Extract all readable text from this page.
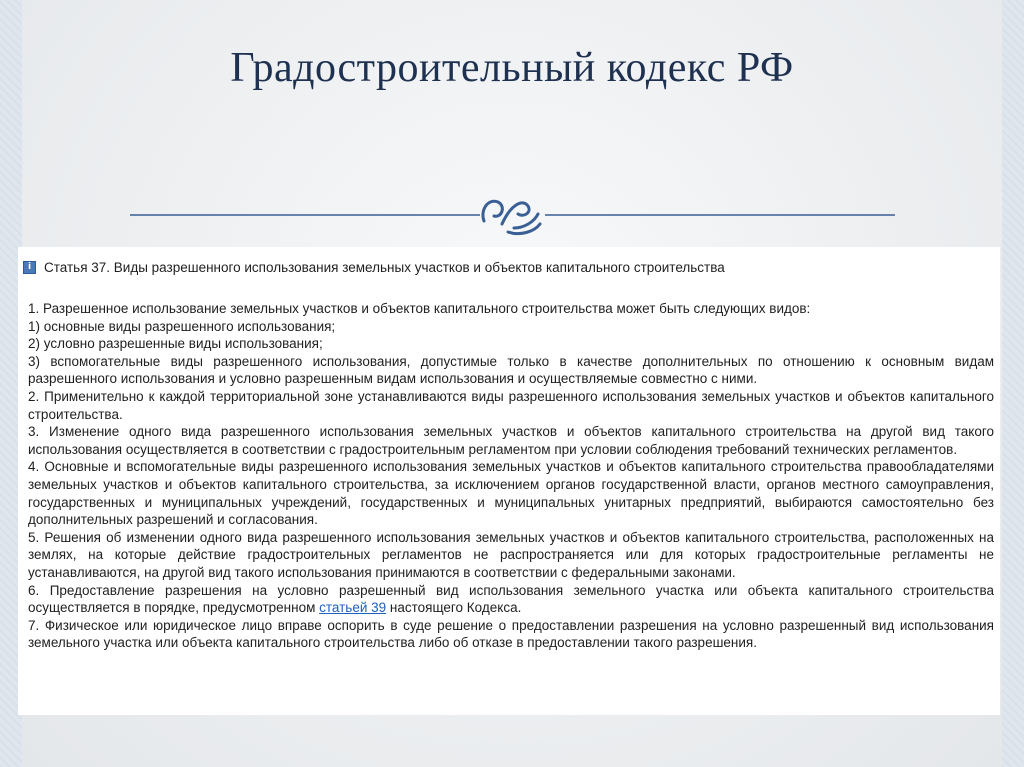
Градостроительный кодекс РФ
i Статья 37. Виды разрешенного использования земельных участков и объектов капитального строительства

1. Разрешенное использование земельных участков и объектов капитального строительства может быть следующих видов:

1) основные виды разрешенного использования;

2) условно разрешенные виды использования;

3) вспомогательные виды разрешенного использования, допустимые только в качестве дополнительных по отношению к основным видам разрешенного использования и условно разрешенным видам использования и осуществляемые совместно с ними.

2. Применительно к каждой территориальной зоне устанавливаются виды разрешенного использования земельных участков и объектов капитального строительства.

3. Изменение одного вида разрешенного использования земельных участков и объектов капитального строительства на другой вид такого использования осуществляется в соответствии с градостроительным регламентом при условии соблюдения требований технических регламентов.

4. Основные и вспомогательные виды разрешенного использования земельных участков и объектов капитального строительства правообладателями земельных участков и объектов капитального строительства, за исключением органов государственной власти, органов местного самоуправления, государственных и муниципальных учреждений, государственных и муниципальных унитарных предприятий, выбираются самостоятельно без дополнительных разрешений и согласования.

5. Решения об изменении одного вида разрешенного использования земельных участков и объектов капитального строительства, расположенных на землях, на которые действие градостроительных регламентов не распространяется или для которых градостроительные регламенты не устанавливаются, на другой вид такого использования принимаются в соответствии с федеральными законами.

6. Предоставление разрешения на условно разрешенный вид использования земельного участка или объекта капитального строительства осуществляется в порядке, предусмотренном статьей 39 настоящего Кодекса.

7. Физическое или юридическое лицо вправе оспорить в суде решение о предоставлении разрешения на условно разрешенный вид использования земельного участка или объекта капитального строительства либо об отказе в предоставлении такого разрешения.
